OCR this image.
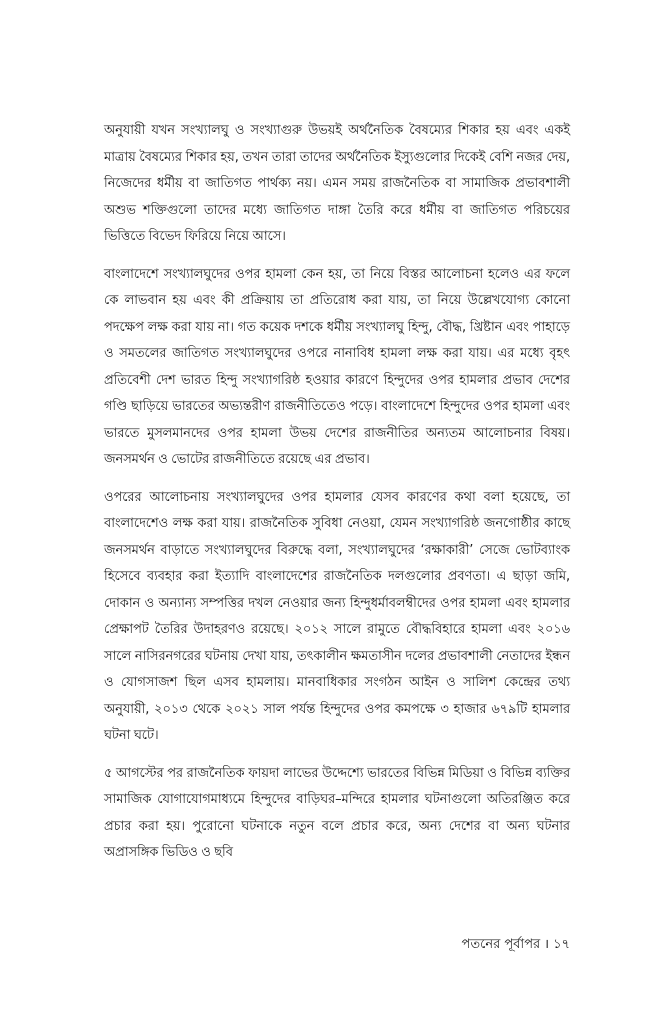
অনুযায়ী যখন সংখ্যালঘু ও সংখ্যাগুরু উভয়ই অর্থনৈতিক বৈষম্যের শিকার হয় এবং একই মাত্রায় বৈষম্যের শিকার হয়, তখন তারা তাদের অর্থনৈতিক ইস্যুগুলোর দিকেই বেশি নজর দেয়, নিজেদের ধর্মীয় বা জাতিগত পার্থক্য নয়। এমন সময় রাজনৈতিক বা সামাজিক প্রভাবশালী অশুভ শক্তিগুলো তাদের মধ্যে জাতিগত দাঙ্গা তৈরি করে ধর্মীয় বা জাতিগত পরিচয়ের ভিত্তিতে বিভেদ ফিরিয়ে নিয়ে আসে।

বাংলাদেশে সংখ্যালঘুদের ওপর হামলা কেন হয়, তা নিয়ে বিস্তর আলোচনা হলেও এর ফলে কে লাভবান হয় এবং কী প্রক্রিয়ায় তা প্রতিরোধ করা যায়, তা নিয়ে উল্লেখযোগ্য কোনো পদক্ষেপ লক্ষ করা যায় না। গত কয়েক দশকে ধর্মীয় সংখ্যালঘু হিন্দু, বৌদ্ধ, খ্রিষ্টান এবং পাহাড়ে ও সমতলের জাতিগত সংখ্যালঘুদের ওপরে নানাবিধ হামলা লক্ষ করা যায়। এর মধ্যে বৃহৎ প্রতিবেশী দেশ ভারত হিন্দু সংখ্যাগরিষ্ঠ হওয়ার কারণে হিন্দুদের ওপর হামলার প্রভাব দেশের গণ্ডি ছাড়িয়ে ভারতের অভ্যন্তরীণ রাজনীতিতেও পড়ে। বাংলাদেশে হিন্দুদের ওপর হামলা এবং ভারতে মুসলমানদের ওপর হামলা উভয় দেশের রাজনীতির অন্যতম আলোচনার বিষয়। জনসমর্থন ও ভোটের রাজনীতিতে রয়েছে এর প্রভাব।

ওপরের আলোচনায় সংখ্যালঘুদের ওপর হামলার যেসব কারণের কথা বলা হয়েছে, তা বাংলাদেশেও লক্ষ করা যায়। রাজনৈতিক সুবিধা নেওয়া, যেমন সংখ্যাগরিষ্ঠ জনগোষ্ঠীর কাছে জনসমর্থন বাড়াতে সংখ্যালঘুদের বিরুদ্ধে বলা, সংখ্যালঘুদের ‘রক্ষাকারী’ সেজে ভোটব্যাংক হিসেবে ব্যবহার করা ইত্যাদি বাংলাদেশের রাজনৈতিক দলগুলোর প্রবণতা। এ ছাড়া জমি, দোকান ও অন্যান্য সম্পত্তির দখল নেওয়ার জন্য হিন্দুধর্মাবলম্বীদের ওপর হামলা এবং হামলার প্রেক্ষাপট তৈরির উদাহরণও রয়েছে। ২০১২ সালে রামুতে বৌদ্ধবিহারে হামলা এবং ২০১৬ সালে নাসিরনগরের ঘটনায় দেখা যায়, তৎকালীন ক্ষমতাসীন দলের প্রভাবশালী নেতাদের ইন্ধন ও যোগসাজশ ছিল এসব হামলায়। মানবাধিকার সংগঠন আইন ও সালিশ কেন্দ্রের তথ্য অনুযায়ী, ২০১৩ থেকে ২০২১ সাল পর্যন্ত হিন্দুদের ওপর কমপক্ষে ৩ হাজার ৬৭৯টি হামলার ঘটনা ঘটে।

৫ আগস্টের পর রাজনৈতিক ফায়দা লাভের উদ্দেশ্যে ভারতের বিভিন্ন মিডিয়া ও বিভিন্ন ব্যক্তির সামাজিক যোগাযোগমাধ্যমে হিন্দুদের বাড়িঘর–মন্দিরে হামলার ঘটনাগুলো অতিরঞ্জিত করে প্রচার করা হয়। পুরোনো ঘটনাকে নতুন বলে প্রচার করে, অন্য দেশের বা অন্য ঘটনার অপ্রাসঙ্গিক ভিডিও ও ছবি

পতনের পূর্বাপর । ১৭
